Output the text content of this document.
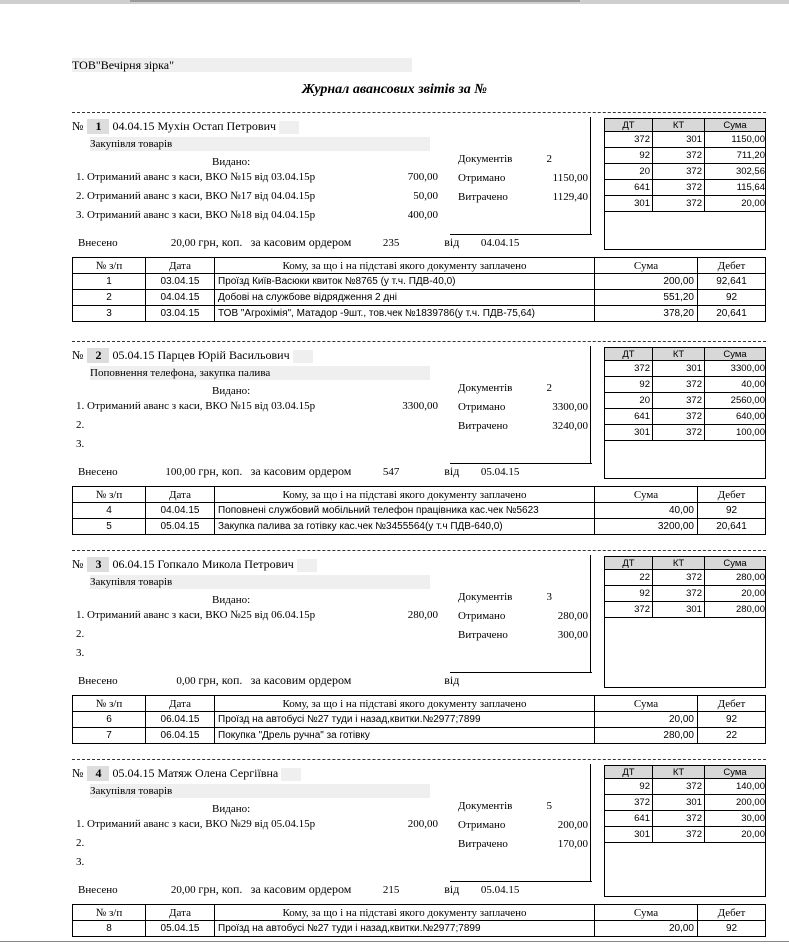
ТОВ"Вечірня зірка"
Журнал авансових звітів за №
№ 1 04.04.15 Мухін Остап Петрович
Закупівля товарів
Видано:
1. Отриманий аванс з каси, ВКО №15 від 03.04.15р	700,00
2. Отриманий аванс з каси, ВКО №17 від 04.04.15р	50,00
3. Отриманий аванс з каси, ВКО №18 від 04.04.15р	400,00
Документів	2
Отримано	1150,00
Витрачено	1129,40
ДТ	КТ	Сума
372	301	1150,00
92	372	711,20
20	372	302,56
641	372	115,64
301	372	20,00
Внесено	20,00 грн, коп. за касовим ордером	235	від 04.04.15
№ з/п	Дата	Кому, за що і на підставі якого документу заплачено	Сума	Дебет
1	03.04.15	Проїзд Київ-Васюки квиток №8765 (у т.ч. ПДВ-40,0)	200,00	92,641
2	04.04.15	Добові на службове відрядження 2 дні	551,20	92
3	03.04.15	ТОВ "Агрохімія", Матадор -9шт., тов.чек №1839786(у т.ч. ПДВ-75,64)	378,20	20,641
№ 2 05.04.15 Парцев Юрій Васильович
Поповнення телефона, закупка палива
Видано:
1. Отриманий аванс з каси, ВКО №15 від 03.04.15р	3300,00
2.
3.
Документів	2
Отримано	3300,00
Витрачено	3240,00
ДТ	КТ	Сума
372	301	3300,00
92	372	40,00
20	372	2560,00
641	372	640,00
301	372	100,00
Внесено	100,00 грн, коп. за касовим ордером	547	від 05.04.15
№ з/п	Дата	Кому, за що і на підставі якого документу заплачено	Сума	Дебет
4	04.04.15	Поповнені службовий мобільний телефон працівника кас.чек №5623	40,00	92
5	05.04.15	Закупка палива за готівку кас.чек №3455564(у т.ч ПДВ-640,0)	3200,00	20,641
№ 3 06.04.15 Гопкало Микола Петрович
Закупівля товарів
Видано:
1. Отриманий аванс з каси, ВКО №25 від 06.04.15р	280,00
2.
3.
Документів	3
Отримано	280,00
Витрачено	300,00
ДТ	КТ	Сума
22	372	280,00
92	372	20,00
372	301	280,00
Внесено	0,00 грн, коп. за касовим ордером	від
№ з/п	Дата	Кому, за що і на підставі якого документу заплачено	Сума	Дебет
6	06.04.15	Проїзд на автобусі №27 туди і назад,квитки.№2977;7899	20,00	92
7	06.04.15	Покупка "Дрель ручна" за готівку	280,00	22
№ 4 05.04.15 Матяж Олена Сергіївна
Закупівля товарів
Видано:
1. Отриманий аванс з каси, ВКО №29 від 05.04.15р	200,00
2.
3.
Документів	5
Отримано	200,00
Витрачено	170,00
ДТ	КТ	Сума
92	372	140,00
372	301	200,00
641	372	30,00
301	372	20,00
Внесено	20,00 грн, коп. за касовим ордером	215	від 05.04.15
№ з/п	Дата	Кому, за що і на підставі якого документу заплачено	Сума	Дебет
8	05.04.15	Проїзд на автобусі №27 туди і назад,квитки.№2977;7899	20,00	92
